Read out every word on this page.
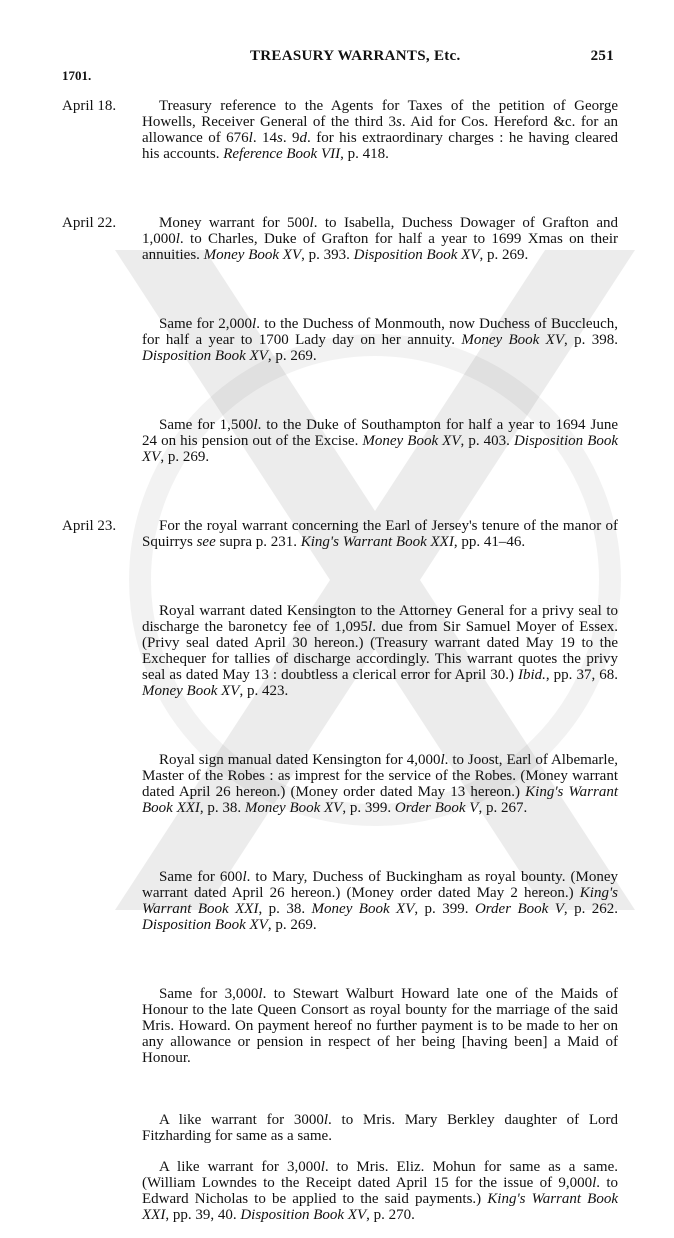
TREASURY WARRANTS, Etc.	251
1701.
April 18.	Treasury reference to the Agents for Taxes of the petition of George Howells, Receiver General of the third 3s. Aid for Cos. Hereford &c. for an allowance of 676l. 14s. 9d. for his extraordinary charges : he having cleared his accounts. Reference Book VII, p. 418.

April 22.	Money warrant for 500l. to Isabella, Duchess Dowager of Grafton and 1,000l. to Charles, Duke of Grafton for half a year to 1699 Xmas on their annuities. Money Book XV, p. 393. Disposition Book XV, p. 269.

Same for 2,000l. to the Duchess of Monmouth, now Duchess of Buccleuch, for half a year to 1700 Lady day on her annuity. Money Book XV, p. 398. Disposition Book XV, p. 269.

Same for 1,500l. to the Duke of Southampton for half a year to 1694 June 24 on his pension out of the Excise. Money Book XV, p. 403. Disposition Book XV, p. 269.

April 23.	For the royal warrant concerning the Earl of Jersey's tenure of the manor of Squirrys see supra p. 231. King's Warrant Book XXI, pp. 41–46.

Royal warrant dated Kensington to the Attorney General for a privy seal to discharge the baronetcy fee of 1,095l. due from Sir Samuel Moyer of Essex. (Privy seal dated April 30 hereon.) (Treasury warrant dated May 19 to the Exchequer for tallies of discharge accordingly. This warrant quotes the privy seal as dated May 13 : doubtless a clerical error for April 30.) Ibid., pp. 37, 68. Money Book XV, p. 423.

Royal sign manual dated Kensington for 4,000l. to Joost, Earl of Albemarle, Master of the Robes : as imprest for the service of the Robes. (Money warrant dated April 26 hereon.) (Money order dated May 13 hereon.) King's Warrant Book XXI, p. 38. Money Book XV, p. 399. Order Book V, p. 267.

Same for 600l. to Mary, Duchess of Buckingham as royal bounty. (Money warrant dated April 26 hereon.) (Money order dated May 2 hereon.) King's Warrant Book XXI, p. 38. Money Book XV, p. 399. Order Book V, p. 262. Disposition Book XV, p. 269.

Same for 3,000l. to Stewart Walburt Howard late one of the Maids of Honour to the late Queen Consort as royal bounty for the marriage of the said Mris. Howard. On payment hereof no further payment is to be made to her on any allowance or pension in respect of her being [having been] a Maid of Honour.

A like warrant for 3000l. to Mris. Mary Berkley daughter of Lord Fitzharding for same as a same.

A like warrant for 3,000l. to Mris. Eliz. Mohun for same as a same. (William Lowndes to the Receipt dated April 15 for the issue of 9,000l. to Edward Nicholas to be applied to the said payments.) King's Warrant Book XXI, pp. 39, 40. Disposition Book XV, p. 270.
